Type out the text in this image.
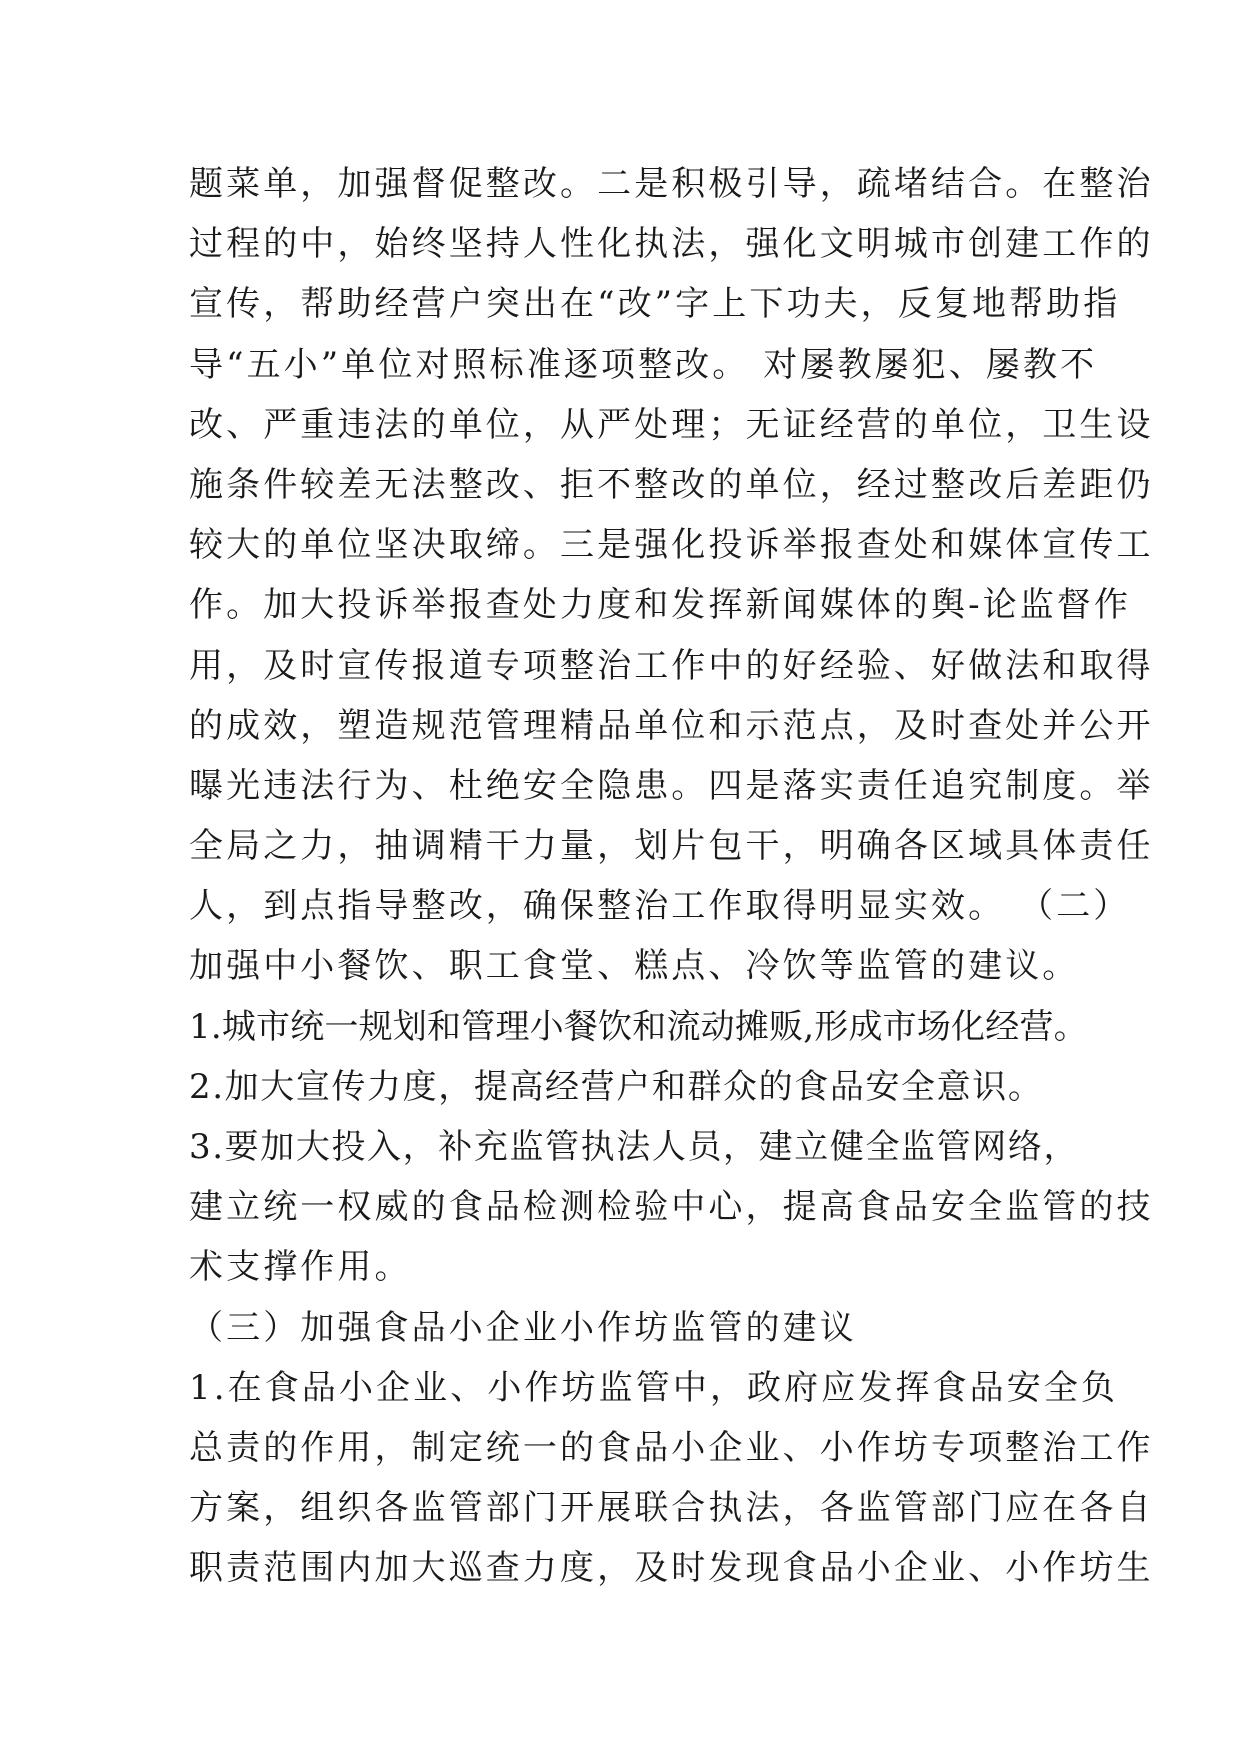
题菜单，加强督促整改。二是积极引导，疏堵结合。在整治
过程的中，始终坚持人性化执法，强化文明城市创建工作的
宣传，帮助经营户突出在“改”字上下功夫，反复地帮助指
导“五小”单位对照标准逐项整改。 对屡教屡犯、屡教不
改、严重违法的单位，从严处理；无证经营的单位，卫生设
施条件较差无法整改、拒不整改的单位，经过整改后差距仍
较大的单位坚决取缔。三是强化投诉举报查处和媒体宣传工
作。加大投诉举报查处力度和发挥新闻媒体的舆-论监督作
用，及时宣传报道专项整治工作中的好经验、好做法和取得
的成效，塑造规范管理精品单位和示范点，及时查处并公开
曝光违法行为、杜绝安全隐患。四是落实责任追究制度。举
全局之力，抽调精干力量，划片包干，明确各区域具体责任
人，到点指导整改，确保整治工作取得明显实效。 （二）
加强中小餐饮、职工食堂、糕点、冷饮等监管的建议。
1.城市统一规划和管理小餐饮和流动摊贩,形成市场化经营。
2.加大宣传力度，提高经营户和群众的食品安全意识。
3.要加大投入，补充监管执法人员，建立健全监管网络，
建立统一权威的食品检测检验中心，提高食品安全监管的技
术支撑作用。
（三）加强食品小企业小作坊监管的建议
1.在食品小企业、小作坊监管中，政府应发挥食品安全负
总责的作用，制定统一的食品小企业、小作坊专项整治工作
方案，组织各监管部门开展联合执法，各监管部门应在各自
职责范围内加大巡查力度，及时发现食品小企业、小作坊生
